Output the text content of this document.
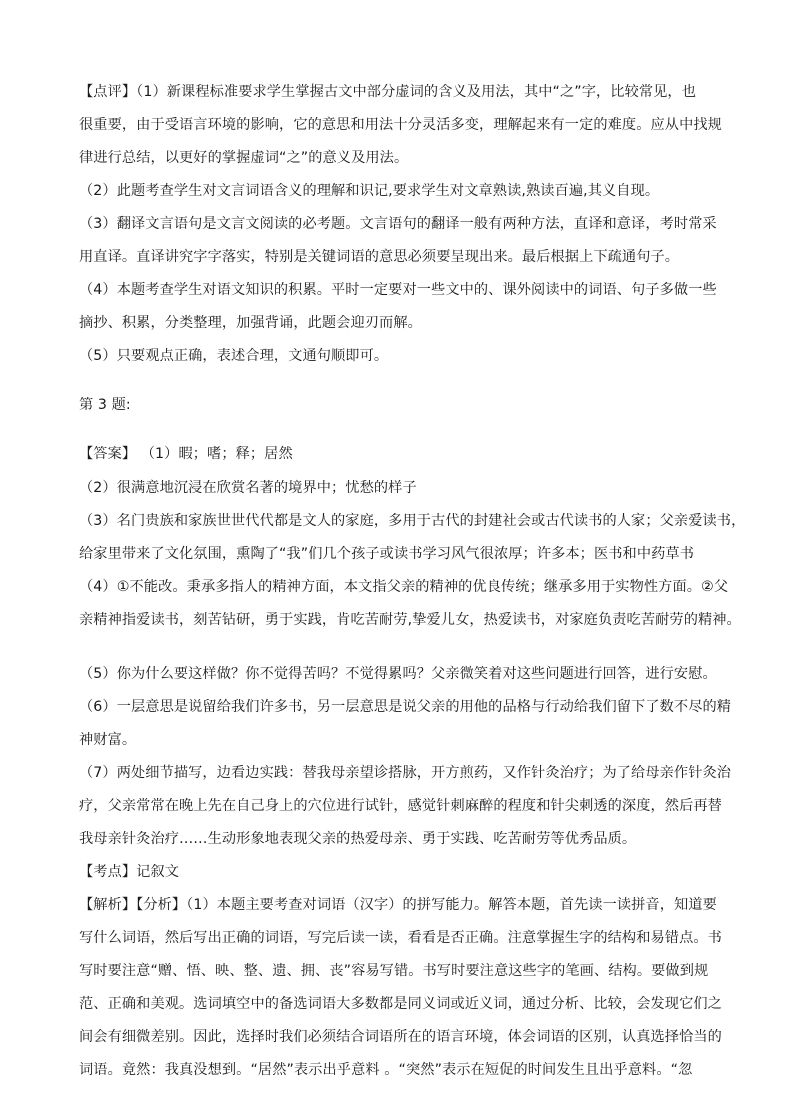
【点评】（1）新课程标准要求学生掌握古文中部分虚词的含义及用法，其中“之”字，比较常见，也
很重要，由于受语言环境的影响，它的意思和用法十分灵活多变，理解起来有一定的难度。应从中找规
律进行总结，以更好的掌握虚词“之”的意义及用法。
（2）此题考查学生对文言词语含义的理解和识记,要求学生对文章熟读,熟读百遍,其义自现。
（3）翻译文言语句是文言文阅读的必考题。文言语句的翻译一般有两种方法，直译和意译，考时常采
用直译。直译讲究字字落实，特别是关键词语的意思必须要呈现出来。最后根据上下疏通句子。
（4）本题考查学生对语文知识的积累。平时一定要对一些文中的、课外阅读中的词语、句子多做一些
摘抄、积累，分类整理，加强背诵，此题会迎刃而解。
（5）只要观点正确，表述合理，文通句顺即可。
第 3 题:
【答案】 （1）暇；嗜；释；居然
（2）很满意地沉浸在欣赏名著的境界中；忧愁的样子
（3）名门贵族和家族世世代代都是文人的家庭，多用于古代的封建社会或古代读书的人家；父亲爱读书，
给家里带来了文化氛围，熏陶了“我”们几个孩子或读书学习风气很浓厚；许多本；医书和中药草书
（4）①不能改。秉承多指人的精神方面，本文指父亲的精神的优良传统；继承多用于实物性方面。②父
亲精神指爱读书，刻苦钻研，勇于实践，肯吃苦耐劳,挚爱儿女，热爱读书，对家庭负责吃苦耐劳的精神。
（5）你为什么要这样做？你不觉得苦吗？不觉得累吗？父亲微笑着对这些问题进行回答，进行安慰。
（6）一层意思是说留给我们许多书，另一层意思是说父亲的用他的品格与行动给我们留下了数不尽的精
神财富。
（7）两处细节描写，边看边实践：替我母亲望诊搭脉，开方煎药，又作针灸治疗；为了给母亲作针灸治
疗，父亲常常在晚上先在自己身上的穴位进行试针，感觉针刺麻醉的程度和针尖刺透的深度，然后再替
我母亲针灸治疗……生动形象地表现父亲的热爱母亲、勇于实践、吃苦耐劳等优秀品质。
【考点】记叙文
【解析】【分析】（1）本题主要考查对词语（汉字）的拼写能力。解答本题，首先读一读拼音，知道要
写什么词语，然后写出正确的词语，写完后读一读，看看是否正确。注意掌握生字的结构和易错点。书
写时要注意“赠、悟、映、整、遗、拥、丧”容易写错。书写时要注意这些字的笔画、结构。要做到规
范、正确和美观。选词填空中的备选词语大多数都是同义词或近义词，通过分析、比较，会发现它们之
间会有细微差别。因此，选择时我们必须结合词语所在的语言环境，体会词语的区别，认真选择恰当的
词语。竟然：我真没想到。“居然”表示出乎意料 。“突然”表示在短促的时间发生且出乎意料。“忽
